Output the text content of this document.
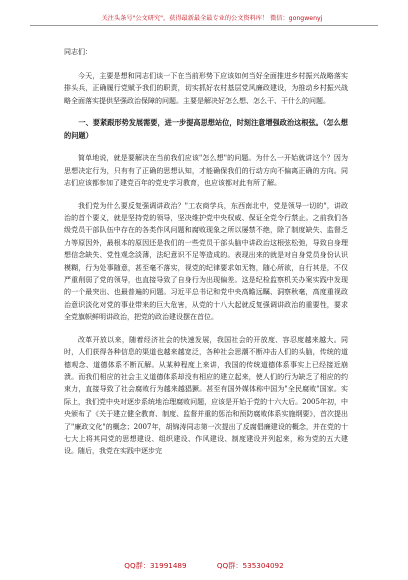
关注头条号"公文研究"，获得最新最全最专业的公文资料库！ 微信：gongwenyj
同志们：

今天，主要是想和同志们谈一下在当前形势下应该如何当好全面推进乡村振兴战略落实排头兵，正确履行党赋予我们的职责，切实抓好农村基层党风廉政建设，为推动乡村振兴战略全面落实提供坚强政治保障的问题。主要是解决好怎么想、怎么干、干什么的问题。

一、要紧跟形势发展需要，进一步提高思想站位，时刻注意增强政治这根弦。（怎么想的问题）

简单地说，就是要解决在当前我们应该"怎么想"的问题。为什么一开始就讲这个？因为思想决定行为，只有有了正确的思想认知，才能确保我们的行动方向不偏离正确的方向。同志们应该都参加了建党百年的党史学习教育，也应该都对此有所了解。

我们党为什么要反复强调讲政治？"工农商学兵，东西南北中，党是领导一切的"，讲政治的首个要义，就是坚持党的领导，坚决维护党中央权威、保证全党令行禁止。之前我们各级党员干部队伍中存在的各类作风问题和腐败现象之所以屡禁不绝，除了制度缺失、监督乏力等原因外，最根本的原因还是我们的一些党员干部头脑中讲政治这根弦松弛，导致自身理想信念缺失、党性观念淡薄，法纪意识不足等造成的。表现出来的就是对自身党员身份认识模糊，行为处事随意，甚至毫不落实，视党的纪律要求如无物，随心所欲，自行其是，不仅严重削弱了党的领导，也直接导致了自身行为出现偏差。这是纪检监察机关办案实践中发现的一个最突出、也最普遍的问题。习近平总书记和党中央高瞻远瞩、洞察秋毫，高度重视政治意识淡化对党的事业带来的巨大危害，从党的十八大起就反复强调讲政治的重要性，要求全党旗帜鲜明讲政治，把党的政治建设摆在首位。

改革开放以来，随着经济社会的快速发展，我国社会的开放度、容忍度越来越大。同时，人们获得各种信息的渠道也越来越宽泛，各种社会思潮不断冲击人们的头脑，传统的道德观念、道德体系不断瓦解。从某种程度上来讲，我国的传统道德体系事实上已经接近崩溃。而我们相应的社会主义道德体系却没有相应的建立起来，使人们的行为缺乏了相应的约束力，直接导致了社会腐败行为越来越猖獗。甚至有国外媒体称中国为"全民腐败"国家。实际上，我们党中央对逐步系统地治理腐败问题，应该是开始于党的十六大后。2005年初，中央颁布了《关于建立健全教育、制度、监督并重的惩治和预防腐败体系实施纲要》，首次提出了"廉政文化"的概念；2007年，胡锦涛同志第一次提出了反腐倡廉建设的概念，并在党的十七大上将其同党的思想建设、组织建设、作风建设、制度建设并列起来，称为党的五大建设。随后，我党在实践中逐步完

QQ群：31991489	QQ群：535304092
